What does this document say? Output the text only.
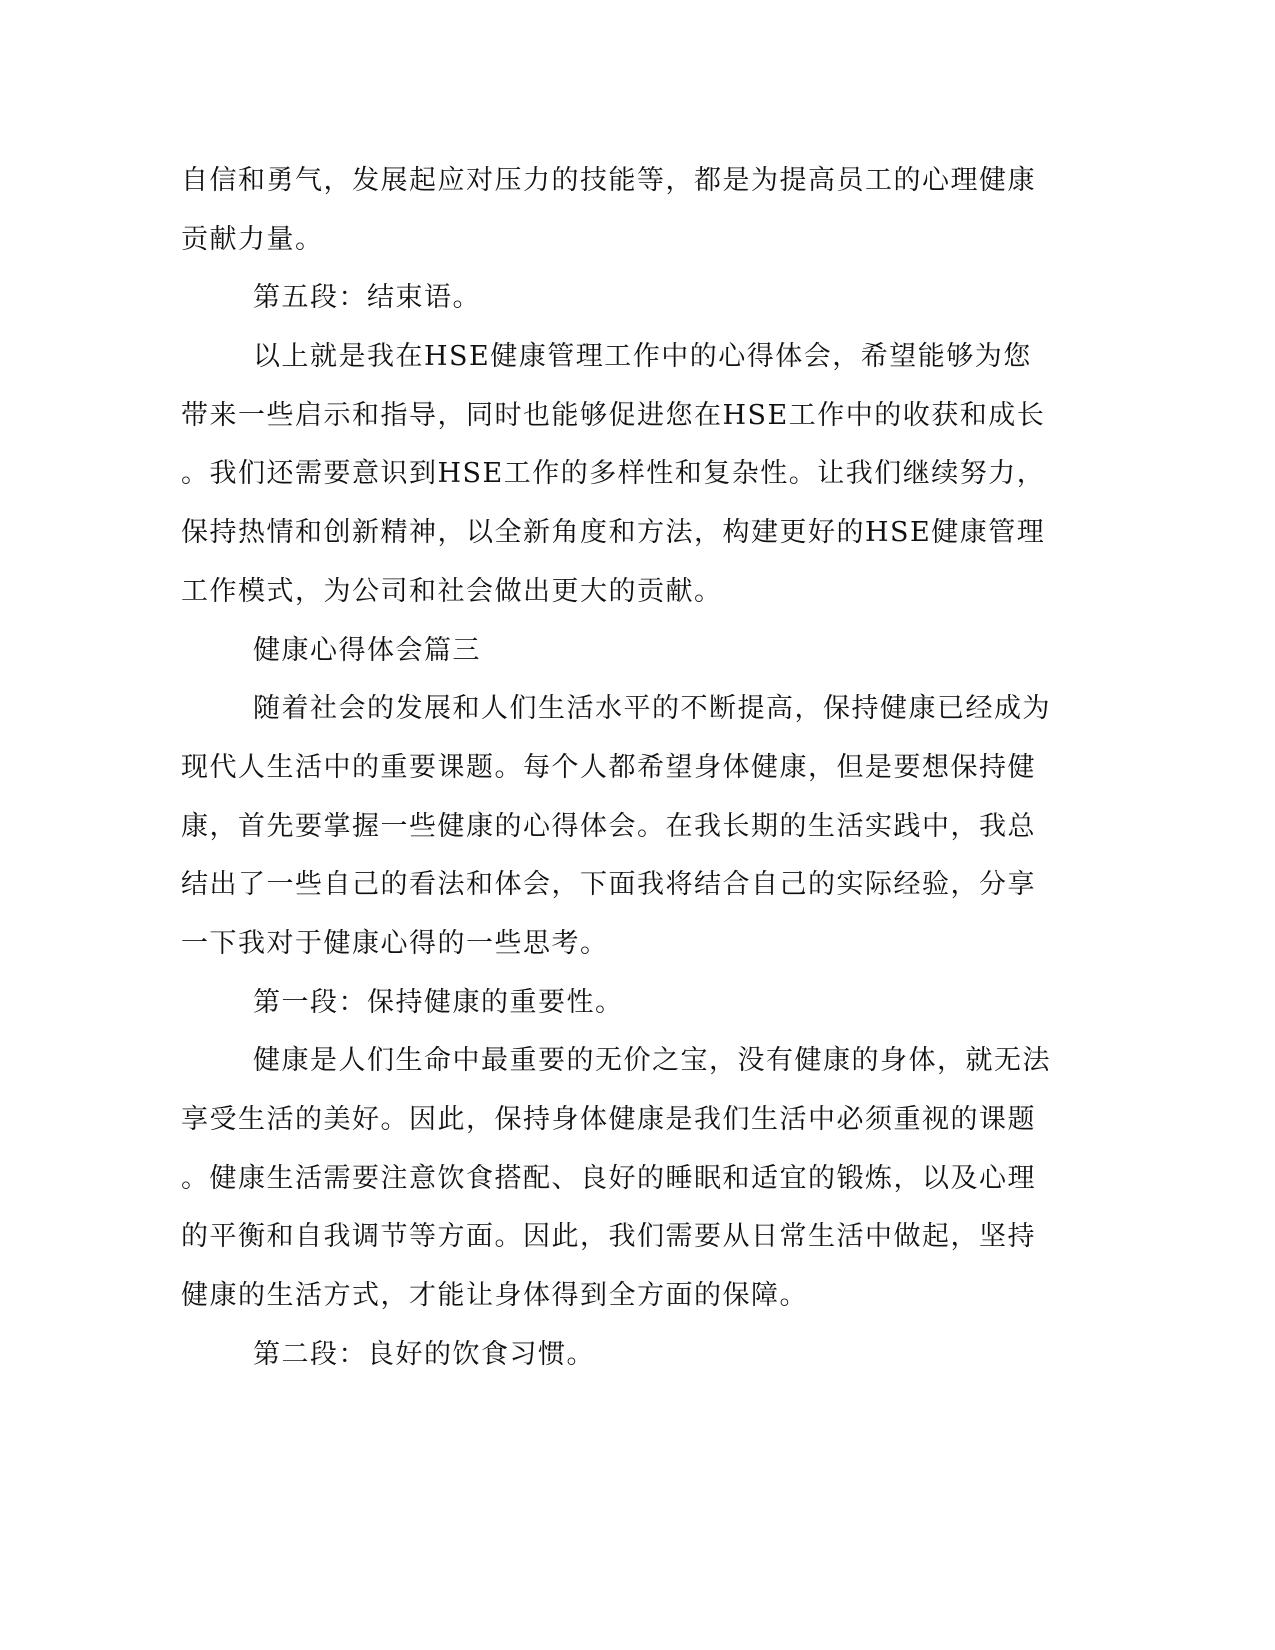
自信和勇气，发展起应对压力的技能等，都是为提高员工的心理健康

贡献力量。

第五段：结束语。

以上就是我在HSE健康管理工作中的心得体会，希望能够为您

带来一些启示和指导，同时也能够促进您在HSE工作中的收获和成长

。我们还需要意识到HSE工作的多样性和复杂性。让我们继续努力，

保持热情和创新精神，以全新角度和方法，构建更好的HSE健康管理

工作模式，为公司和社会做出更大的贡献。

健康心得体会篇三

随着社会的发展和人们生活水平的不断提高，保持健康已经成为

现代人生活中的重要课题。每个人都希望身体健康，但是要想保持健

康，首先要掌握一些健康的心得体会。在我长期的生活实践中，我总

结出了一些自己的看法和体会，下面我将结合自己的实际经验，分享

一下我对于健康心得的一些思考。

第一段：保持健康的重要性。

健康是人们生命中最重要的无价之宝，没有健康的身体，就无法

享受生活的美好。因此，保持身体健康是我们生活中必须重视的课题

。健康生活需要注意饮食搭配、良好的睡眠和适宜的锻炼，以及心理

的平衡和自我调节等方面。因此，我们需要从日常生活中做起，坚持

健康的生活方式，才能让身体得到全方面的保障。

第二段：良好的饮食习惯。
